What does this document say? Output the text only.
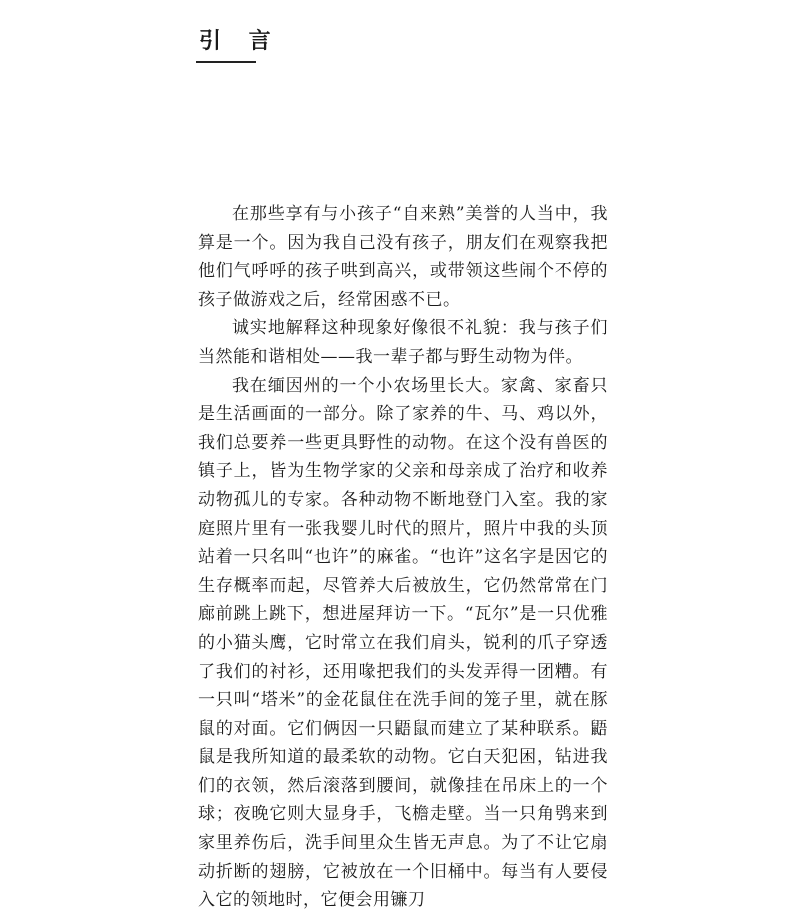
引 言

在那些享有与小孩子“自来熟”美誉的人当中，我算是一个。因为我自己没有孩子，朋友们在观察我把他们气呼呼的孩子哄到高兴，或带领这些闹个不停的孩子做游戏之后，经常困惑不已。

诚实地解释这种现象好像很不礼貌：我与孩子们当然能和谐相处——我一辈子都与野生动物为伴。

我在缅因州的一个小农场里长大。家禽、家畜只是生活画面的一部分。除了家养的牛、马、鸡以外，我们总要养一些更具野性的动物。在这个没有兽医的镇子上，皆为生物学家的父亲和母亲成了治疗和收养动物孤儿的专家。各种动物不断地登门入室。我的家庭照片里有一张我婴儿时代的照片，照片中我的头顶站着一只名叫“也许”的麻雀。“也许”这名字是因它的生存概率而起，尽管养大后被放生，它仍然常常在门廊前跳上跳下，想进屋拜访一下。“瓦尔”是一只优雅的小猫头鹰，它时常立在我们肩头，锐利的爪子穿透了我们的衬衫，还用喙把我们的头发弄得一团糟。有一只叫“塔米”的金花鼠住在洗手间的笼子里，就在豚鼠的对面。它们俩因一只鼯鼠而建立了某种联系。鼯鼠是我所知道的最柔软的动物。它白天犯困，钻进我们的衣领，然后滚落到腰间，就像挂在吊床上的一个球；夜晚它则大显身手，飞檐走壁。当一只角鸮来到家里养伤后，洗手间里众生皆无声息。为了不让它扇动折断的翅膀，它被放在一个旧桶中。每当有人要侵入它的领地时，它便会用镰刀
